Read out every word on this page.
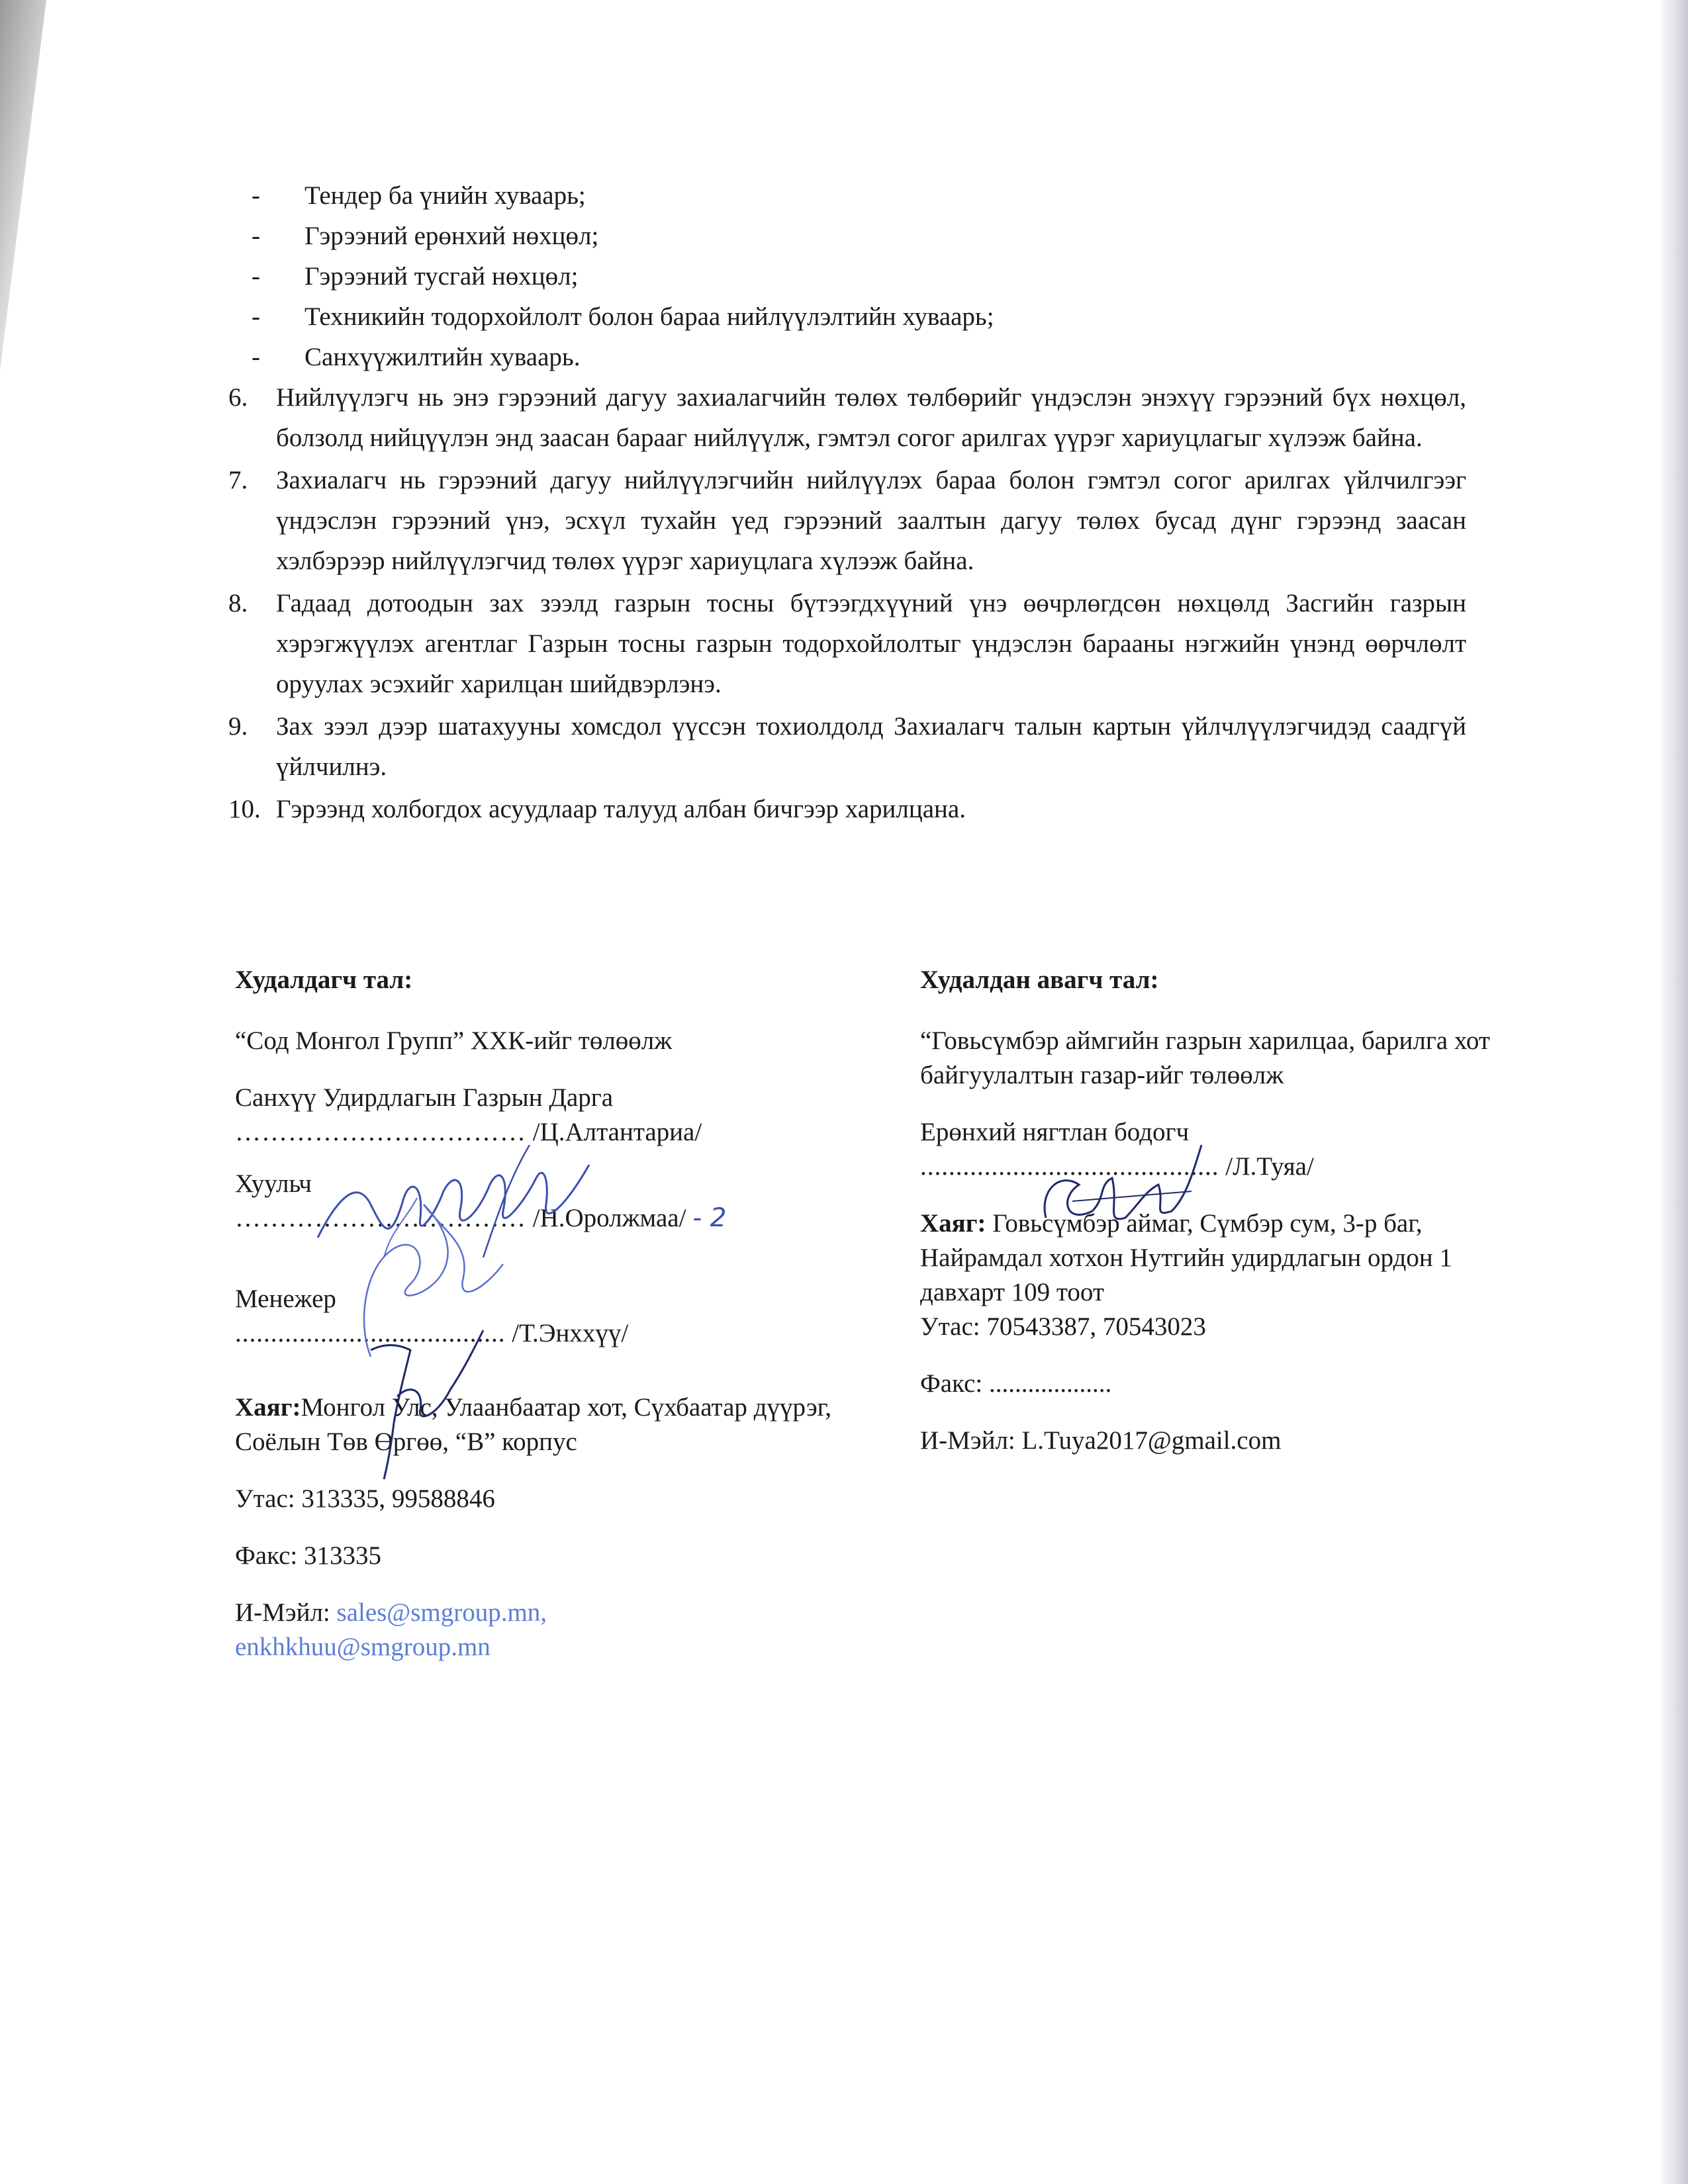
- Тендер ба үнийн хуваарь;
- Гэрээний ерөнхий нөхцөл;
- Гэрээний тусгай нөхцөл;
- Техникийн тодорхойлолт болон бараа нийлүүлэлтийн хуваарь;
- Санхүүжилтийн хуваарь.
6. Нийлүүлэгч нь энэ гэрээний дагуу захиалагчийн төлөх төлбөрийг үндэслэн энэхүү гэрээний бүх нөхцөл, болзолд нийцүүлэн энд заасан барааг нийлүүлж, гэмтэл согог арилгах үүрэг хариуцлагыг хүлээж байна.
7. Захиалагч нь гэрээний дагуу нийлүүлэгчийн нийлүүлэх бараа болон гэмтэл согог арилгах үйлчилгээг үндэслэн гэрээний үнэ, эсхүл тухайн үед гэрээний заалтын дагуу төлөх бусад дүнг гэрээнд заасан хэлбэрээр нийлүүлэгчид төлөх үүрэг хариуцлага хүлээж байна.
8. Гадаад дотоодын зах зээлд газрын тосны бүтээгдхүүний үнэ өөчрлөгдсөн нөхцөлд Засгийн газрын хэрэгжүүлэх агентлаг Газрын тосны газрын тодорхойлолтыг үндэслэн барааны нэгжийн үнэнд өөрчлөлт оруулах эсэхийг харилцан шийдвэрлэнэ.
9. Зах зээл дээр шатахууны хомсдол үүссэн тохиолдолд Захиалагч талын картын үйлчлүүлэгчидэд саадгүй үйлчилнэ.
10. Гэрээнд холбогдох асуудлаар талууд албан бичгээр харилцана.
Худалдагч тал:
“Сод Монгол Групп” ХХК-ийг төлөөлж
Санхүү Удирдлагын Газрын Дарга
…………………………… /Ц.Алтантариа/
Хуульч
…………………………… /Н.Оролжмаа/ - 2
Менежер
...................................... /Т.Энххүү/
Хаяг:Монгол Улс, Улаанбаатар хот, Сүхбаатар дүүрэг, Соёлын Төв Өргөө, “В” корпус
Утас: 313335, 99588846
Факс: 313335
И-Мэйл: sales@smgroup.mn,
enkhkhuu@smgroup.mn
Худалдан авагч тал:
“Говьсүмбэр аймгийн газрын харилцаа, барилга хот байгуулалтын газар-ийг төлөөлж
Ерөнхий нягтлан бодогч
.......................................... /Л.Туяа/
Хаяг: Говьсүмбэр аймаг, Сүмбэр сум, 3-р баг, Найрамдал хотхон Нутгийн удирдлагын ордон 1 давхарт 109 тоот
Утас: 70543387, 70543023
Факс: ...................
И-Мэйл: L.Tuya2017@gmail.com
